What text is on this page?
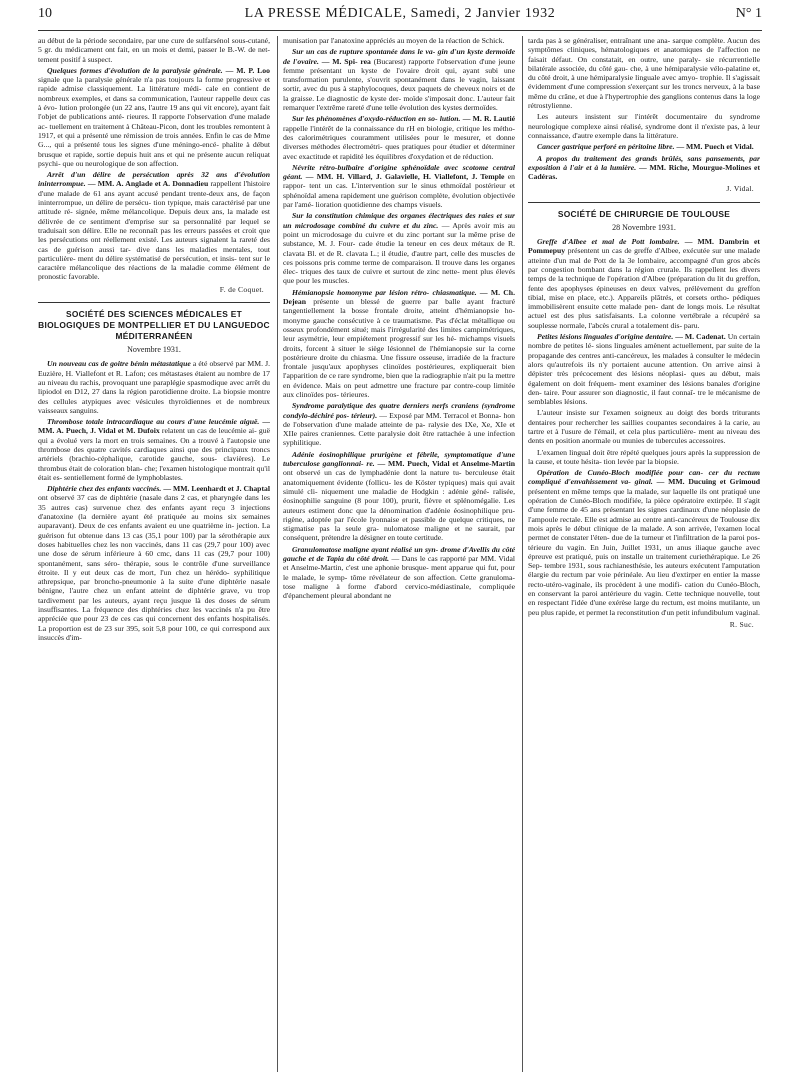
10	LA PRESSE MÉDICALE, Samedi, 2 Janvier 1932	N° 1

au début de la période secondaire, par une cure de sulfarsénol sous-cutané, 5 gr. du médicament ont fait, en un mois et demi, passer le B.-W. de net- tement positif à suspect.

Quelques formes d'évolution de la paralysie générale. — M. P. Loo signale que la paralysie générale n'a pas toujours la forme progressive et rapide admise classiquement. La littérature médi- cale en contient de nombreux exemples, et dans sa communication, l'auteur rappelle deux cas à évo- lution prolongée (un 22 ans, l'autre 19 ans qui vit encore), ayant fait l'objet de publications anté- rieures. Il rapporte l'observation d'une malade ac- tuellement en traitement à Château-Picon, dont les troubles remontent à 1917, et qui a présenté une rémission de trois années. Enfin le cas de Mme G..., qui a présenté tous les signes d'une méningo-encé- phalite à début brusque et rapide, sortie depuis huit ans et qui ne présente aucun reliquat psychi- que ou neurologique de son affection.

Arrêt d'un délire de persécution après 32 ans d'évolution ininterrompue. — MM. A. Anglade et A. Donnadieu rappellent l'histoire d'une malade de 61 ans ayant accusé pendant trente-deux ans, de façon ininterrompue, un délire de persécu- tion typique, mais caractérisé par une attitude ré- signée, même mélancolique. Depuis deux ans, la malade est délivrée de ce sentiment d'emprise sur sa personnalité par lequel se traduisait son délire. Elle ne reconnaît pas les erreurs passées et croit que les persécutions ont réellement existé. Les auteurs signalent la rareté des cas de guérison aussi tar- dive dans les maladies mentales, tout particulière- ment du délire systématisé de persécution, et insis- tent sur le caractère mélancolique des réactions de la maladie comme élément de pronostic favorable.

F. de Coquet.
SOCIÉTÉ DES SCIENCES MÉDICALES ET BIOLOGIQUES DE MONTPELLIER ET DU LANGUEDOC MÉDITERRANÉEN
Novembre 1931.

Un nouveau cas de goitre bénin métastatique a été observé par MM. J. Euzière, H. Viallefont et R. Lafon; ces métastases étaient au nombre de 17 au niveau du rachis, provoquant une paraplégie spasmodique avec arrêt du lipiodol en D12, 27 dans la région parotidienne droite. La biopsie montre des cellules atypiques avec vésicules thyroïdiennes et de nombreux vaisseaux sanguins.

Thrombose totale intracardiaque au cours d'une leucémie aiguë. — MM. A. Puech, J. Vidal et M. Dufoix relatent un cas de leucémie ai- guë qui a évolué vers la mort en trois semaines. On a trouvé à l'autopsie une thrombose des quatre cavités cardiaques ainsi que des principaux troncs artériels (brachio-céphalique, carotide gauche, sous- clavières). Le thrombus était de coloration blan- che; l'examen histologique montrait qu'il était es- sentiellement formé de lymphoblastes.

Diphtérie chez des enfants vaccinés. — MM. Leenhardt et J. Chaptal ont observé 37 cas de diphtérie (nasale dans 2 cas, et pharyngée dans les 35 autres cas) survenue chez des enfants ayant reçu 3 injections d'anatoxine (la dernière ayant été pratiquée au moins six semaines auparavant). Deux de ces enfants avaient eu une quatrième in- jection. La guérison fut obtenue dans 13 cas (35,1 pour 100) par la sérothérapie aux doses habituelles chez les non vaccinés, dans 11 cas (29,7 pour 100) avec une dose de sérum inférieure à 60 cmc, dans 11 cas (29,7 pour 100) spontanément, sans séro- thérapie, sous le contrôle d'une surveillance étroite. Il y eut deux cas de mort, l'un chez un hérédo- syphilitique athrepsique, par broncho-pneumonie à la suite d'une diphtérie nasale bénigne, l'autre chez un enfant atteint de diphtérie grave, vu trop tardivement par les auteurs, ayant reçu jusque là des doses de sérum insuffisantes. La fréquence des diphtéries chez les vaccinés n'a pu être appréciée que pour 23 de ces cas qui concernent des enfants hospitalisés. La proportion est de 23 sur 395, soit 5,8 pour 100, ce qui correspond aux insuccès d'im-

munisation par l'anatoxine appréciés au moyen de la réaction de Schick.

Sur un cas de rupture spontanée dans le va- gin d'un kyste dermoïde de l'ovaire. — M. Spi- rea (Bucarest) rapporte l'observation d'une jeune femme présentant un kyste de l'ovaire droit qui, ayant subi une transformation purulente, s'ouvrit spontanément dans le vagin, laissant sortir, avec du pus à staphylocoques, deux paquets de cheveux noirs et de la graisse. Le diagnostic de kyste der- moïde s'imposait donc. L'auteur fait remarquer l'extrême rareté d'une telle évolution des kystes dermoïdes.

Sur les phénomènes d'oxydo-réduction en so- lution. — M. R. Lautié rappelle l'intérêt de la connaissance du rH en biologie, critique les métho- des calorimétriques couramment utilisées pour le mesurer, et donne diverses méthodes électrométri- ques pratiques pour étudier et déterminer avec exactitude et rapidité les équilibres d'oxydation et de réduction.

Névrite rétro-bulbaire d'origine sphénoïdale avec scotome central géant. — MM. H. Villard, J. Galavielle, H. Viallefont, J. Temple en rappor- tent un cas. L'intervention sur le sinus ethmoïdal postérieur et sphénoïdal amena rapidement une guérison complète, évolution objectivée par l'amé- lioration quotidienne des champs visuels.

Sur la constitution chimique des organes électriques des raies et sur un microdosage combiné du cuivre et du zinc. — Après avoir mis au point un microdosage du cuivre et du zinc portant sur la même prise de substance, M. J. Four- cade étudie la teneur en ces deux métaux de R. clavata Bl. et de R. clavata L.; il étudie, d'autre part, celle des muscles de ces poissons pris comme terme de comparaison. Il trouve dans les organes élec- triques des taux de cuivre et surtout de zinc nette- ment plus élevés que pour les muscles.

Hémianopsie homonyme par lésion rétro- chiasmatique. — M. Ch. Dejean présente un blessé de guerre par balle ayant fracturé tangentiellement la bosse frontale droite, atteint d'hémianopsie ho- monyme gauche consécutive à ce traumatisme. Pas d'éclat métallique ou osseux profondément situé; mais l'irrégularité des limites campimétriques, leur asymétrie, leur empiétement progressif sur les hé- michamps visuels droits, forcent à situer le siège lésionnel de l'hémianopsie sur la corne postérieure droite du chiasma. Une fissure osseuse, irradiée de la fracture frontale jusqu'aux apophyses clinoïdes postérieures, expliquerait bien l'apparition de ce rare syndrome, bien que la radiographie n'ait pu la mettre en évidence. Mais on peut admettre une fracture par contre-coup limitée aux clinoïdes pos- térieures.

Syndrome paralytique des quatre derniers nerfs craniens (syndrome condylo-déchiré pos- térieur). — Exposé par MM. Terracol et Bonna- hon de l'observation d'une malade atteinte de pa- ralysie des IXe, Xe, XIe et XIIe paires craniennes. Cette paralysie doit être rattachée à une infection syphilitique.

Adénie éosinophilique prurigène et fébrile, symptomatique d'une tuberculose ganglionnai- re. — MM. Puech, Vidal et Anselme-Martin ont observé un cas de lymphadénie dont la nature tu- berculeuse était anatomiquement évidente (follicu- les de Köster typiques) mais qui avait simulé cli- niquement une maladie de Hodgkin : adénie géné- ralisée, éosinophilie sanguine (8 pour 100), prurit, fièvre et splénomégalie. Les auteurs estiment donc que la dénomination d'adénie éosinophilique pru- rigène, adoptée par l'école lyonnaise et passible de quelque critiques, ne stigmatise pas la seule gra- nulomatose maligne et ne saurait, par conséquent, prétendre la désigner en toute certitude.

Granulomatose maligne ayant réalisé un syn- drome d'Avellis du côté gauche et de Tapia du côté droit. — Dans le cas rapporté par MM. Vidal et Anselme-Martin, c'est une aphonie brusque- ment apparue qui fut, pour le malade, le symp- tôme révélateur de son affection. Cette granuloma- tose maligne à forme d'abord cervico-médiastinale, compliquée d'épanchement pleural abondant ne

tarda pas à se généraliser, entraînant une ana- sarque complète. Aucun des symptômes cliniques, hématologiques et anatomiques de l'affection ne faisait défaut. On constatait, en outre, une paraly- sie récurrentielle bilatérale associée, du côté gau- che, à une hémiparalysie vélo-palatine et, du côté droit, à une hémiparalysie linguale avec amyo- trophie. Il s'agissait évidemment d'une compression s'exerçant sur les troncs nerveux, à la base même du crâne, et due à l'hypertrophie des ganglions contenus dans la loge rétrostylienne.

Les auteurs insistent sur l'intérêt documentaire du syndrome neurologique complexe ainsi réalisé, syndrome dont il n'existe pas, à leur connaissance, d'autre exemple dans la littérature.

Cancer gastrique perforé en péritoine libre. — MM. Puech et Vidal.

A propos du traitement des grands brûlés, sans pansements, par exposition à l'air et à la lumière. — MM. Riche, Mourgue-Molines et Cadéras.

J. Vidal.
SOCIÉTÉ DE CHIRURGIE DE TOULOUSE
28 Novembre 1931.

Greffe d'Albee et mal de Pott lombaire. — MM. Dambrin et Pommepuy présentent un cas de greffe d'Albee, exécutée sur une malade atteinte d'un mal de Pott de la 3e lombaire, accompagné d'un gros abcès par congestion bombant dans la région crurale. Ils rappellent les divers temps de la technique de l'opération d'Albee (préparation du lit du greffon, fente des apophyses épineuses en deux valves, prélèvement du greffon tibial, mise en place, etc.). Appareils plâtrés, et corsets ortho- pédiques immobilisèrent ensuite cette malade pen- dant de longs mois. Le résultat actuel est des plus satisfaisants. La colonne vertébrale a récupéré sa souplesse normale, l'abcès crural a totalement dis- paru.

Petites lésions linguales d'origine dentaire. — M. Cadenat. Un certain nombre de petites lé- sions linguales amènent actuellement, par suite de la propagande des centres anti-cancéreux, les malades à consulter le médecin alors qu'autrefois ils n'y portaient aucune attention. On arrive ainsi à dépister très précocement des lésions néoplasi- ques au début, mais également on doit fréquem- ment examiner des lésions banales d'origine den- taire. Pour assurer son diagnostic, il faut connaî- tre le mécanisme de semblables lésions.

L'auteur insiste sur l'examen soigneux au doigt des bords triturants dentaires pour rechercher les saillies coupantes secondaires à la carie, au tartre et à l'usure de l'émail, et cela plus particulière- ment au niveau des dents en position anormale ou munies de tubercules accessoires.

L'examen lingual doit être répété quelques jours après la suppression de la cause, et toute hésita- tion levée par la biopsie.

Opération de Cunéo-Bloch modifiée pour can- cer du rectum compliqué d'envahissement va- ginal. — MM. Ducuing et Grimoud présentent en même temps que la malade, sur laquelle ils ont pratiqué une opération de Cunéo-Bloch modifiée, la pièce opératoire extirpée. Il s'agit d'une femme de 45 ans présentant les signes cardinaux d'une néoplasie de l'ampoule rectale. Elle est admise au centre anti-cancéreux de Toulouse dix mois après le début clinique de la malade. A son arrivée, l'examen local permet de constater l'éten- due de la tumeur et l'infiltration de la paroi pos- térieure du vagin. En Juin, Juillet 1931, un anus iliaque gauche avec épreuve est pratiqué, puis on installe un traitement curiethérapique. Le 26 Sep- tembre 1931, sous rachianesthésie, les auteurs exécutent l'amputation élargie du rectum par voie périnéale. Au lieu d'extirper en entier la masse recto-utéro-vaginale, ils procèdent à une modifi- cation du Cunéo-Bloch, en conservant la paroi antérieure du vagin. Cette technique nouvelle, tout en respectant l'idée d'une exérèse large du rectum, est moins mutilante, un peu plus rapide, et permet la reconstitution d'un petit infundibulum vaginal.

R. Suc.
